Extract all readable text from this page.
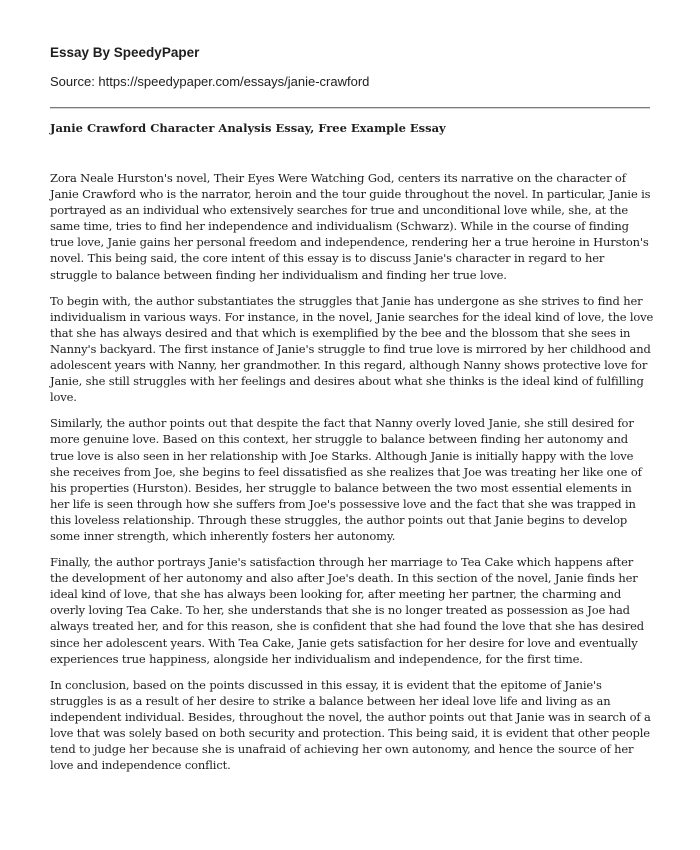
Essay By SpeedyPaper

Source: https://speedypaper.com/essays/janie-crawford

Janie Crawford Character Analysis Essay, Free Example Essay

Zora Neale Hurston's novel, Their Eyes Were Watching God, centers its narrative on the character of Janie Crawford who is the narrator, heroin and the tour guide throughout the novel. In particular, Janie is portrayed as an individual who extensively searches for true and unconditional love while, she, at the same time, tries to find her independence and individualism (Schwarz). While in the course of finding true love, Janie gains her personal freedom and independence, rendering her a true heroine in Hurston's novel. This being said, the core intent of this essay is to discuss Janie's character in regard to her struggle to balance between finding her individualism and finding her true love.

To begin with, the author substantiates the struggles that Janie has undergone as she strives to find her individualism in various ways. For instance, in the novel, Janie searches for the ideal kind of love, the love that she has always desired and that which is exemplified by the bee and the blossom that she sees in Nanny's backyard. The first instance of Janie's struggle to find true love is mirrored by her childhood and adolescent years with Nanny, her grandmother. In this regard, although Nanny shows protective love for Janie, she still struggles with her feelings and desires about what she thinks is the ideal kind of fulfilling love.

Similarly, the author points out that despite the fact that Nanny overly loved Janie, she still desired for more genuine love. Based on this context, her struggle to balance between finding her autonomy and true love is also seen in her relationship with Joe Starks. Although Janie is initially happy with the love she receives from Joe, she begins to feel dissatisfied as she realizes that Joe was treating her like one of his properties (Hurston). Besides, her struggle to balance between the two most essential elements in her life is seen through how she suffers from Joe's possessive love and the fact that she was trapped in this loveless relationship. Through these struggles, the author points out that Janie begins to develop some inner strength, which inherently fosters her autonomy.

Finally, the author portrays Janie's satisfaction through her marriage to Tea Cake which happens after the development of her autonomy and also after Joe's death. In this section of the novel, Janie finds her ideal kind of love, that she has always been looking for, after meeting her partner, the charming and overly loving Tea Cake. To her, she understands that she is no longer treated as possession as Joe had always treated her, and for this reason, she is confident that she had found the love that she has desired since her adolescent years. With Tea Cake, Janie gets satisfaction for her desire for love and eventually experiences true happiness, alongside her individualism and independence, for the first time.

In conclusion, based on the points discussed in this essay, it is evident that the epitome of Janie's struggles is as a result of her desire to strike a balance between her ideal love life and living as an independent individual. Besides, throughout the novel, the author points out that Janie was in search of a love that was solely based on both security and protection. This being said, it is evident that other people tend to judge her because she is unafraid of achieving her own autonomy, and hence the source of her love and independence conflict.
